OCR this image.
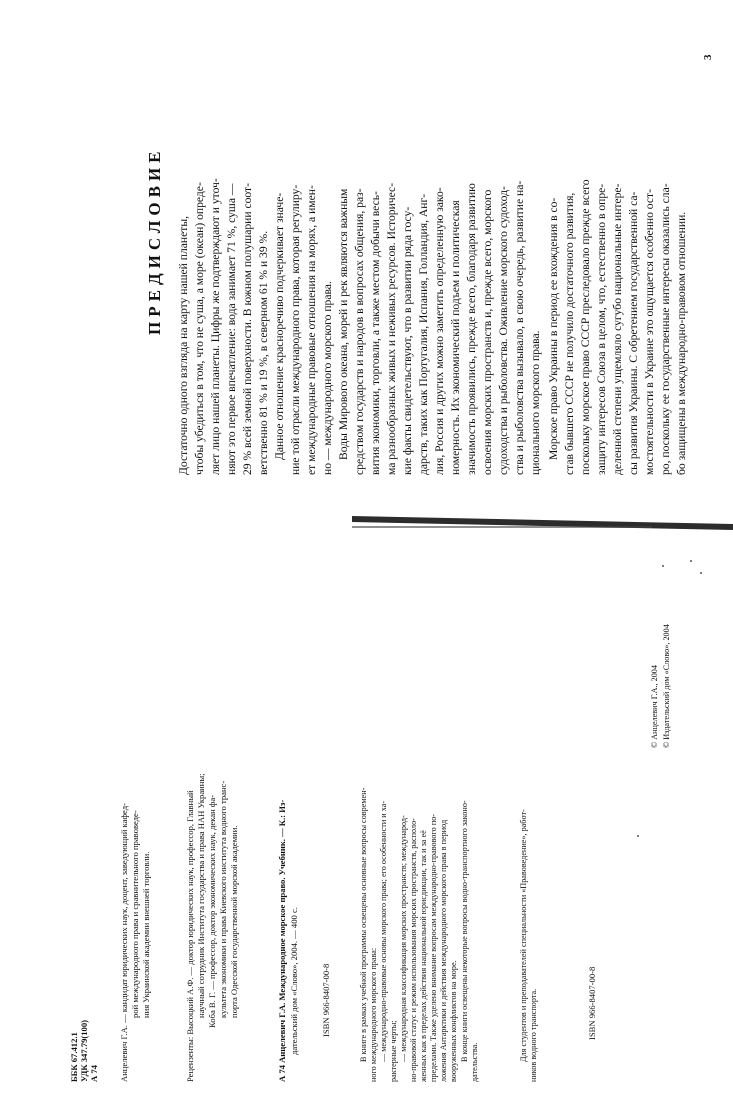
3
ПРЕДИСЛОВИЕ Достаточно одного взгляда на карту нашей планеты, чтобы убедиться в том, что не суша, а море (океан) опреде- ляет лицо нашей планеты. Цифры же подтверждают и уточ- няют это первое впечатление: вода занимает 71 %, суша — 29 % всей земной поверхности. В южном полушарии соот- ветственно 81 % и 19 %, в северном 61 % и 39 %. Данное отношение красноречиво подчеркивает значе- ние той отрасли международного права, которая регулиру- ет международные правовые отношения на морях, а имен- но — международного морского права. Воды Мирового океана, морей и рек являются важным средством государств и народов в вопросах общения, раз- вития экономики, торговли, а также местом добычи весь- ма разнообразных живых и неживых ресурсов. Историчес- кие факты свидетельствуют, что в развитии ряда госу- дарств, таких как Португалия, Испания, Голландия, Анг- лия, Россия и других можно заметить определенную зако- номерность. Их экономический подъем и политическая значимость проявились, прежде всего, благодаря развитию освоения морских пространств и, прежде всего, морского судоходства и рыболовства. Оживление морского судоход- ства и рыболовства вызывало, в свою очередь, развитие на- ционального морского права. Морское право Украины в период ее вхождения в со- став бывшего СССР не получило достаточного развития, поскольку морское право СССР преследовало прежде всего защиту интересов Союза в целом, что, естественно в опре- деленной степени ущемляло сугубо национальные интере- сы развития Украины. С обретением государственной са- мостоятельности в Украине это ощущается особенно ост- ро, поскольку ее государственные интересы оказались сла- бо защищены в международно-правовом отношении.
ББК 67.412.1 УДК 347.79(100) А 74 Анцелевич Г.А. — кандидат юридических наук, доцент, заведующий кафед- рой международного права и сравнительного правоведе- ния Украинской академии внешней торговли.	Рецензенты: Высоцкий А.Ф. — доктор юридических наук, профессор, Главный научный сотрудник Института государства и права НАН Украины; Коба В. Г. — профессор, доктор экономических наук, декан фа- культета экономики и права Киевского института водного транс- порта Одесской государственной морской академии.	А 74 Анцелевич Г.А. Международное морское право. Учебник. — К.: Из- дательский дом «Слово», 2004. — 400 с.	ISBN 966-8407-00-8	В книге в рамках учебной программы освещены основные вопросы современ- ного международного морского права: — международно-правовые основы морского права; его особенности и ха- рактерные черты; — международная классификация морских пространств; международ- но-правовой статус и режим использования морских пространств, располо- женных как в пределах действия национальной юрисдикции, так и за её пределами. Также уделено внимание вопросам международно-правового по- ложения Антарктики и действия международного морского права в период вооруженных конфликтов на море. В конце книги освещены некоторые вопросы водно-транспортного законо-
дательства.
Для студентов и преподавателей специальности «Правоведение», работ- ников водного транспорта.	ISBN 966-8407-00-8
© Анцелевич Г.А., 2004 © Издательский дом «Слово», 2004
